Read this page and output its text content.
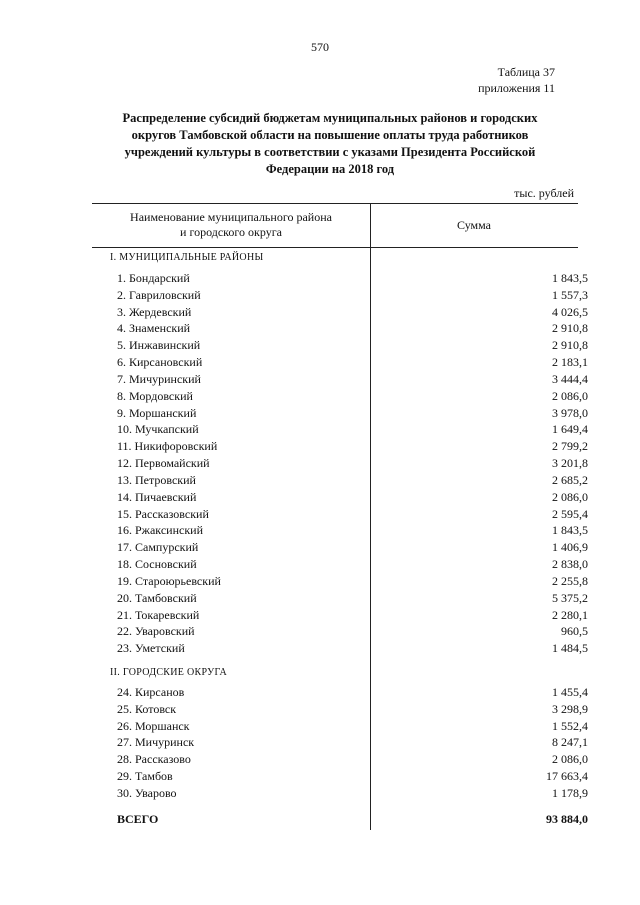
570
Таблица 37
приложения 11
Распределение субсидий бюджетам муниципальных районов и городских
округов Тамбовской области на повышение оплаты труда работников
учреждений культуры в соответствии с указами Президента Российской
Федерации на 2018 год
тыс. рублей
Наименование муниципального района
и городского округа	Сумма
I. МУНИЦИПАЛЬНЫЕ РАЙОНЫ
1. Бондарский	1 843,5
2. Гавриловский	1 557,3
3. Жердевский	4 026,5
4. Знаменский	2 910,8
5. Инжавинский	2 910,8
6. Кирсановский	2 183,1
7. Мичуринский	3 444,4
8. Мордовский	2 086,0
9. Моршанский	3 978,0
10. Мучкапский	1 649,4
11. Никифоровский	2 799,2
12. Первомайский	3 201,8
13. Петровский	2 685,2
14. Пичаевский	2 086,0
15. Рассказовский	2 595,4
16. Ржаксинский	1 843,5
17. Сампурский	1 406,9
18. Сосновский	2 838,0
19. Староюрьевский	2 255,8
20. Тамбовский	5 375,2
21. Токаревский	2 280,1
22. Уваровский	960,5
23. Уметский	1 484,5
II. ГОРОДСКИЕ ОКРУГА
24. Кирсанов	1 455,4
25. Котовск	3 298,9
26. Моршанск	1 552,4
27. Мичуринск	8 247,1
28. Рассказово	2 086,0
29. Тамбов	17 663,4
30. Уварово	1 178,9
ВСЕГО	93 884,0
